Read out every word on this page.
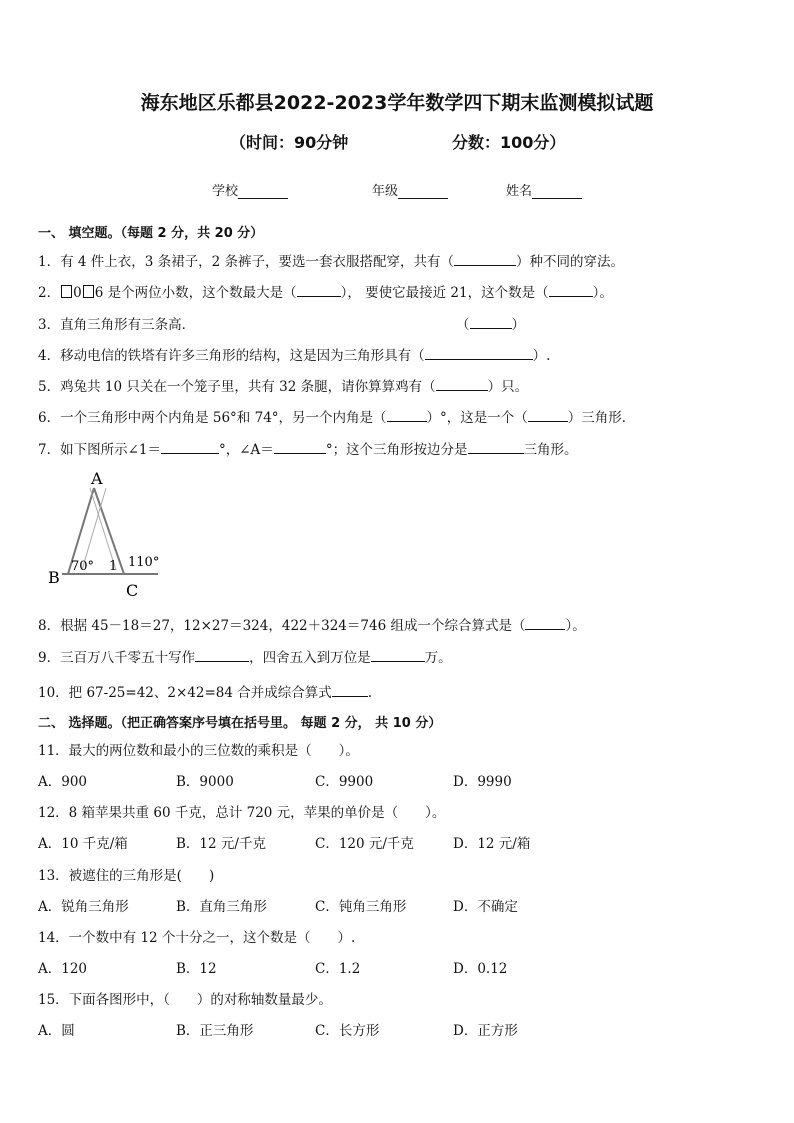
海东地区乐都县2022-2023学年数学四下期末监测模拟试题
（时间：90分钟	分数：100分）
学校	年级	姓名
一、 填空题。（每题 2 分，共 20 分）
1．有 4 件上衣，3 条裙子，2 条裤子，要选一套衣服搭配穿，共有（	）种不同的穿法。
2． 0 6 是个两位小数，这个数最大是（	）， 要使它最接近 21，这个数是（	）。
3．直角三角形有三条高．	（	）
4．移动电信的铁塔有许多三角形的结构，这是因为三角形具有（	）.
5．鸡兔共 10 只关在一个笼子里，共有 32 条腿，请你算算鸡有（	）只。
6．一个三角形中两个内角是 56°和 74°，另一个内角是（	）°，这是一个（	）三角形．
7．如下图所示∠1＝	°，∠A＝	°；这个三角形按边分是	三角形。
A
B
C
70° 1 110°
8．根据 45－18＝27，12×27＝324，422＋324＝746 组成一个综合算式是（	）。
9．三百万八千零五十写作	，四舍五入到万位是	万。
10．把 67-25=42、2×42=84 合并成综合算式	.
二、 选择题。（把正确答案序号填在括号里。 每题 2 分， 共 10 分）
11．最大的两位数和最小的三位数的乘积是（　　）。
A．900	B．9000	C．9900	D．9990
12．8 箱苹果共重 60 千克，总计 720 元，苹果的单价是（　　）。
A．10 千克/箱	B．12 元/千克	C．120 元/千克	D．12 元/箱
13．被遮住的三角形是(　　)
A．锐角三角形	B．直角三角形	C．钝角三角形	D．不确定
14．一个数中有 12 个十分之一，这个数是（　　）.
A．120	B．12	C．1.2	D．0.12
15．下面各图形中，（　　）的对称轴数量最少。
A．圆	B．正三角形	C．长方形	D．正方形
